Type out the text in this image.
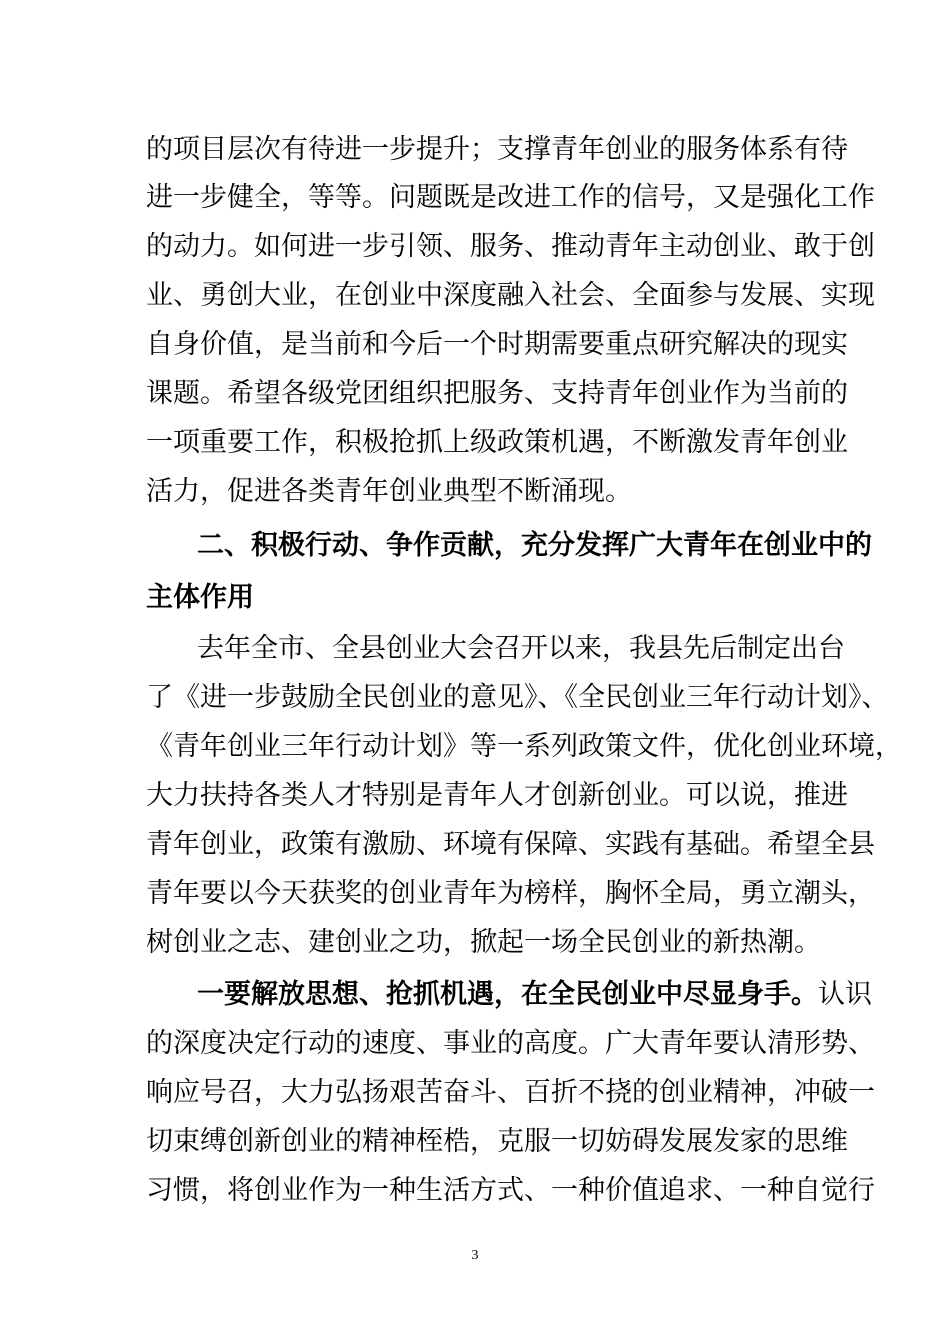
的项目层次有待进一步提升；支撑青年创业的服务体系有待
进一步健全，等等。问题既是改进工作的信号，又是强化工作
的动力。如何进一步引领、服务、推动青年主动创业、敢于创
业、勇创大业，在创业中深度融入社会、全面参与发展、实现
自身价值，是当前和今后一个时期需要重点研究解决的现实
课题。希望各级党团组织把服务、支持青年创业作为当前的
一项重要工作，积极抢抓上级政策机遇，不断激发青年创业
活力，促进各类青年创业典型不断涌现。
二、积极行动、争作贡献，充分发挥广大青年在创业中的
主体作用
去年全市、全县创业大会召开以来，我县先后制定出台
了《进一步鼓励全民创业的意见》、《全民创业三年行动计划》、
《青年创业三年行动计划》等一系列政策文件，优化创业环境，
大力扶持各类人才特别是青年人才创新创业。可以说，推进
青年创业，政策有激励、环境有保障、实践有基础。希望全县
青年要以今天获奖的创业青年为榜样，胸怀全局，勇立潮头，
树创业之志、建创业之功，掀起一场全民创业的新热潮。
一要解放思想、抢抓机遇，在全民创业中尽显身手。认识
的深度决定行动的速度、事业的高度。广大青年要认清形势、
响应号召，大力弘扬艰苦奋斗、百折不挠的创业精神，冲破一
切束缚创新创业的精神桎梏，克服一切妨碍发展发家的思维
习惯，将创业作为一种生活方式、一种价值追求、一种自觉行
3
